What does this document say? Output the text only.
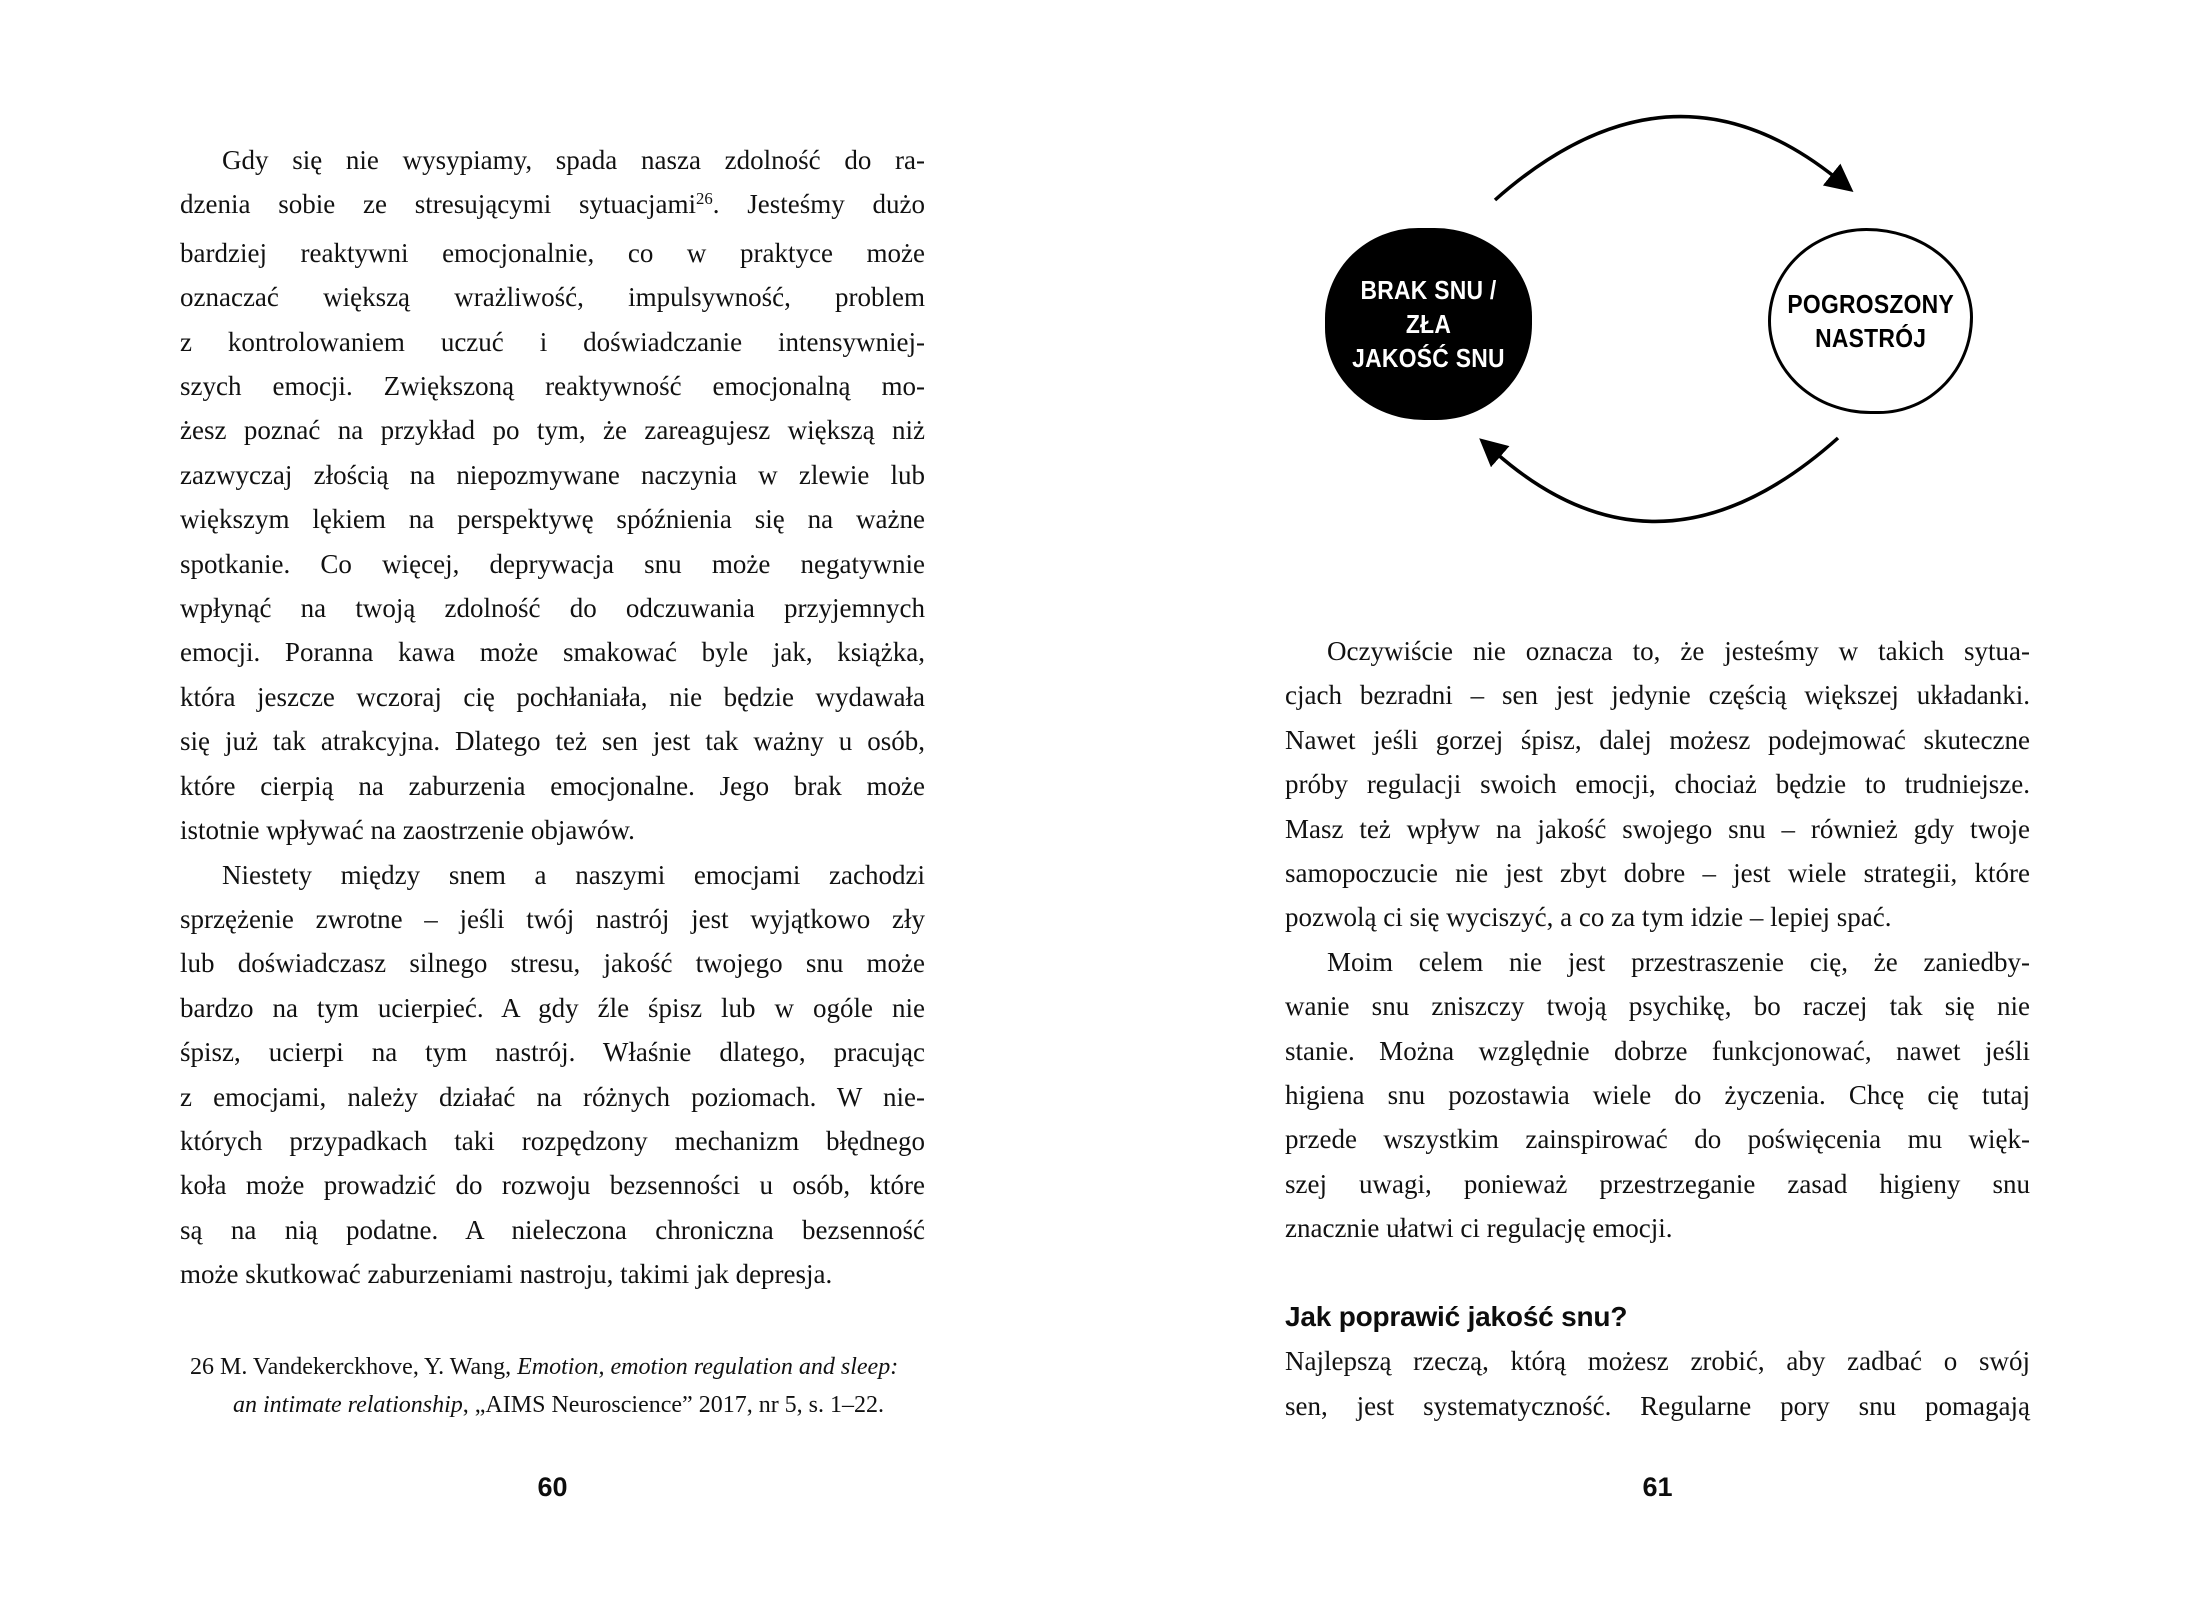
Gdy się nie wysypiamy, spada nasza zdolność do ra-
dzenia sobie ze stresującymi sytuacjami$^{26}$. Jesteśmy dużo
bardziej reaktywni emocjonalnie, co w praktyce może
oznaczać większą wrażliwość, impulsywność, problem
z kontrolowaniem uczuć i doświadczanie intensywniej-
szych emocji. Zwiększoną reaktywność emocjonalną mo-
żesz poznać na przykład po tym, że zareagujesz większą niż
zazwyczaj złością na niepozmywane naczynia w zlewie lub
większym lękiem na perspektywę spóźnienia się na ważne
spotkanie. Co więcej, deprywacja snu może negatywnie
wpłynąć na twoją zdolność do odczuwania przyjemnych
emocji. Poranna kawa może smakować byle jak, książka,
która jeszcze wczoraj cię pochłaniała, nie będzie wydawała
się już tak atrakcyjna. Dlatego też sen jest tak ważny u osób,
które cierpią na zaburzenia emocjonalne. Jego brak może
istotnie wpływać na zaostrzenie objawów.
Niestety między snem a naszymi emocjami zachodzi
sprzężenie zwrotne – jeśli twój nastrój jest wyjątkowo zły
lub doświadczasz silnego stresu, jakość twojego snu może
bardzo na tym ucierpieć. A gdy źle śpisz lub w ogóle nie
śpisz, ucierpi na tym nastrój. Właśnie dlatego, pracując
z emocjami, należy działać na różnych poziomach. W nie-
których przypadkach taki rozpędzony mechanizm błędnego
koła może prowadzić do rozwoju bezsenności u osób, które
są na nią podatne. A nieleczona chroniczna bezsenność
może skutkować zaburzeniami nastroju, takimi jak depresja.
26 M. Vandekerckhove, Y. Wang, Emotion, emotion regulation and sleep:
an intimate relationship, „AIMS Neuroscience” 2017, nr 5, s. 1–22.
60
BRAK SNU / ZŁA
JAKOŚĆ SNU
POGROSZONY
NASTRÓJ
Oczywiście nie oznacza to, że jesteśmy w takich sytua-
cjach bezradni – sen jest jedynie częścią większej układanki.
Nawet jeśli gorzej śpisz, dalej możesz podejmować skuteczne
próby regulacji swoich emocji, chociaż będzie to trudniejsze.
Masz też wpływ na jakość swojego snu – również gdy twoje
samopoczucie nie jest zbyt dobre – jest wiele strategii, które
pozwolą ci się wyciszyć, a co za tym idzie – lepiej spać.
Moim celem nie jest przestraszenie cię, że zaniedby-
wanie snu zniszczy twoją psychikę, bo raczej tak się nie
stanie. Można względnie dobrze funkcjonować, nawet jeśli
higiena snu pozostawia wiele do życzenia. Chcę cię tutaj
przede wszystkim zainspirować do poświęcenia mu więk-
szej uwagi, ponieważ przestrzeganie zasad higieny snu
znacznie ułatwi ci regulację emocji.
Jak poprawić jakość snu?
Najlepszą rzeczą, którą możesz zrobić, aby zadbać o swój
sen, jest systematyczność. Regularne pory snu pomagają
61
